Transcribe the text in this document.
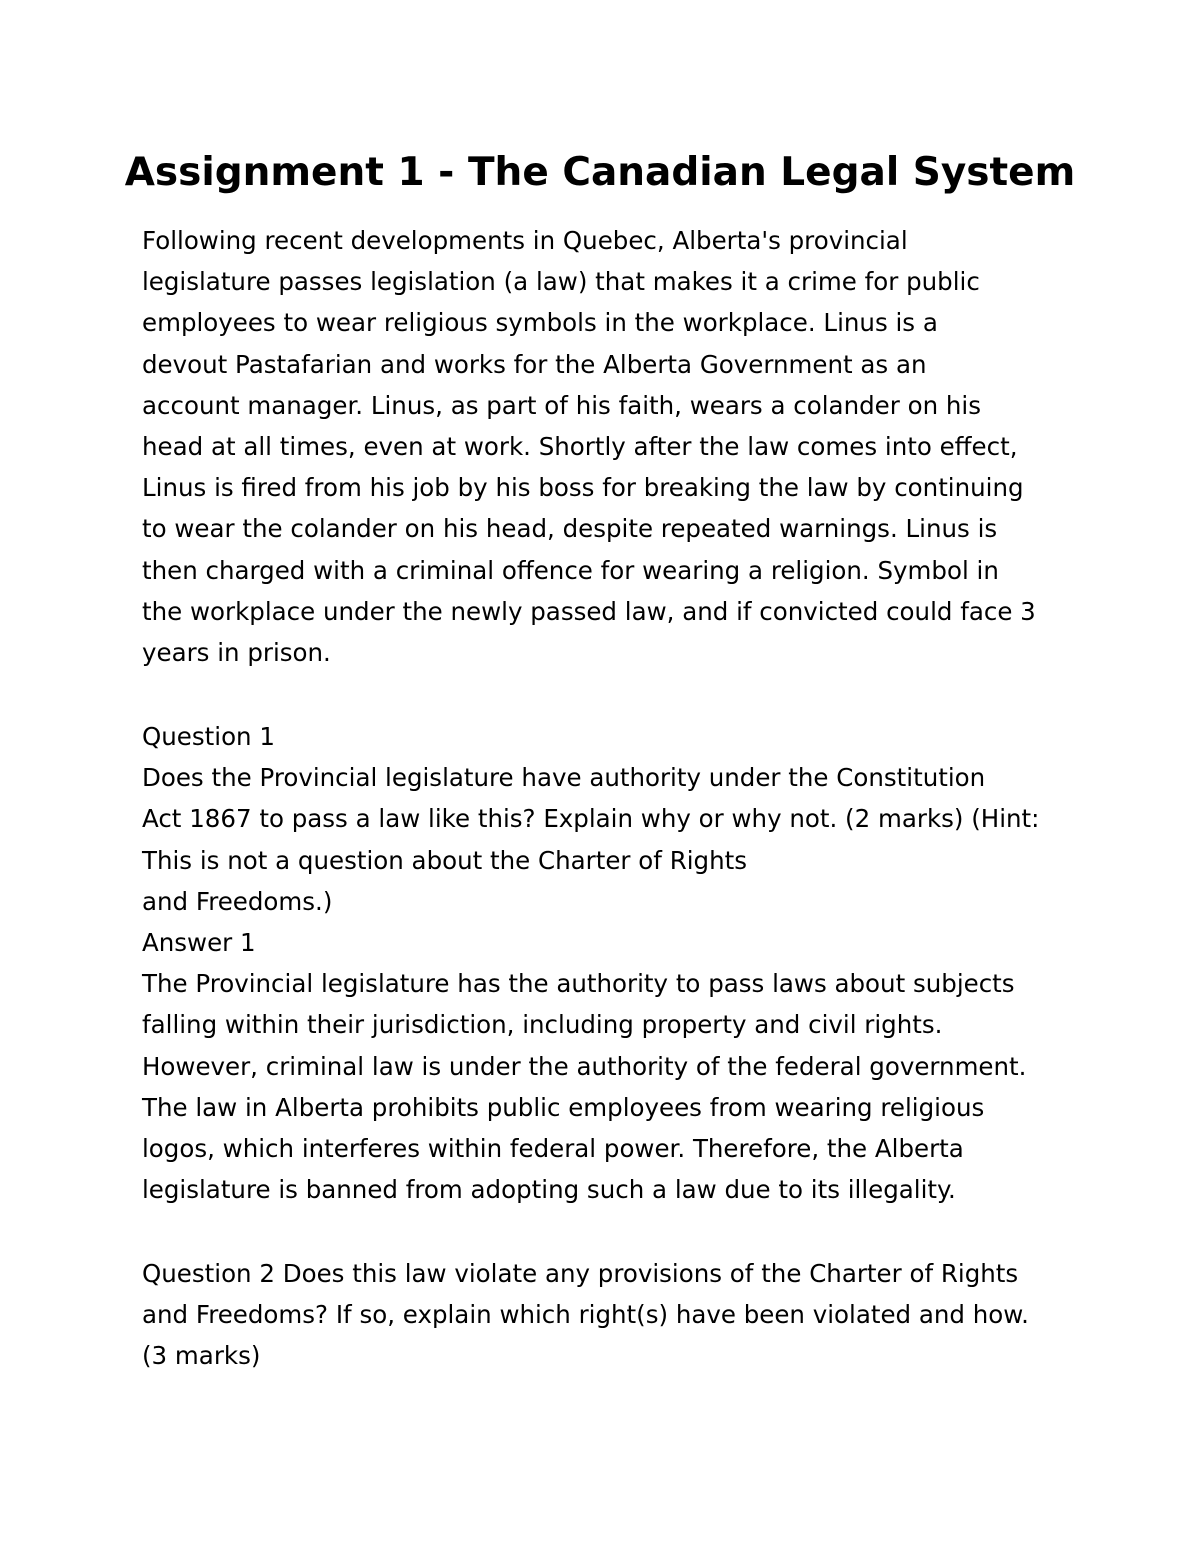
Assignment 1 - The Canadian Legal System
Following recent developments in Quebec, Alberta's provincial
legislature passes legislation (a law) that makes it a crime for public
employees to wear religious symbols in the workplace. Linus is a
devout Pastafarian and works for the Alberta Government as an
account manager. Linus, as part of his faith, wears a colander on his
head at all times, even at work. Shortly after the law comes into effect,
Linus is fired from his job by his boss for breaking the law by continuing
to wear the colander on his head, despite repeated warnings. Linus is
then charged with a criminal offence for wearing a religion. Symbol in
the workplace under the newly passed law, and if convicted could face 3
years in prison.
Question 1
Does the Provincial legislature have authority under the Constitution
Act 1867 to pass a law like this? Explain why or why not. (2 marks) (Hint:
This is not a question about the Charter of Rights
and Freedoms.)
Answer 1
The Provincial legislature has the authority to pass laws about subjects
falling within their jurisdiction, including property and civil rights.
However, criminal law is under the authority of the federal government.
The law in Alberta prohibits public employees from wearing religious
logos, which interferes within federal power. Therefore, the Alberta
legislature is banned from adopting such a law due to its illegality.
Question 2 Does this law violate any provisions of the Charter of Rights
and Freedoms? If so, explain which right(s) have been violated and how.
(3 marks)
